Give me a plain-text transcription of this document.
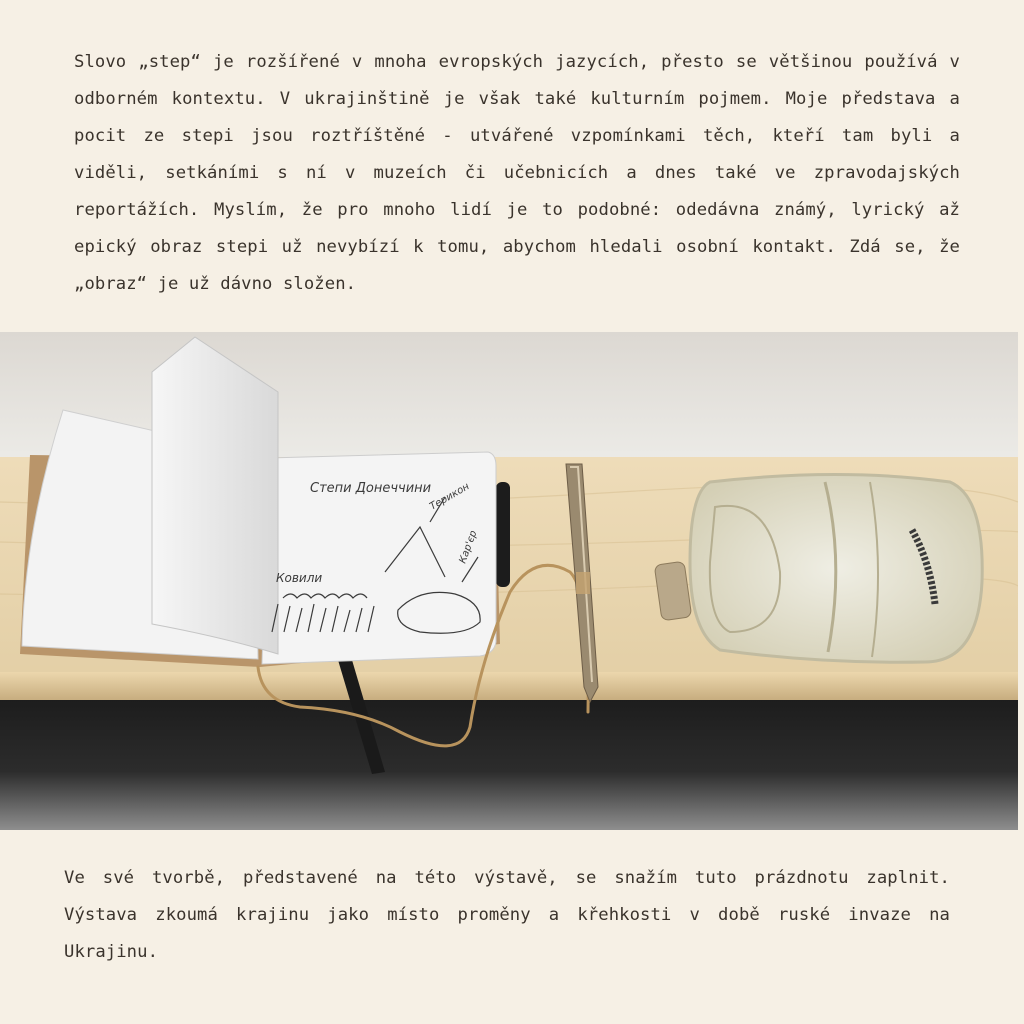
Slovo „step“ je rozšířené v mnoha evropských jazycích, přesto se většinou používá v odborném kontextu. V ukrajinštině je však také kulturním pojmem. Moje představa a pocit ze stepi jsou roztříštěné - utvářené vzpomínkami těch, kteří tam byli a viděli, setkáními s ní v muzeích či učebnicích a dnes také ve zpravodajských reportážích. Myslím, že pro mnoho lidí je to podobné: odedávna známý, lyrický až epický obraz stepi už nevybízí k tomu, abychom hledali osobní kontakt. Zdá se, že „obraz“ je už dávno složen.

Степи Донеччини
Терикон
Кар'єр
Ковили

Ve své tvorbě, představené na této výstavě, se snažím tuto prázdnotu zaplnit. Výstava zkoumá krajinu jako místo proměny a křehkosti v době ruské invaze na Ukrajinu.
